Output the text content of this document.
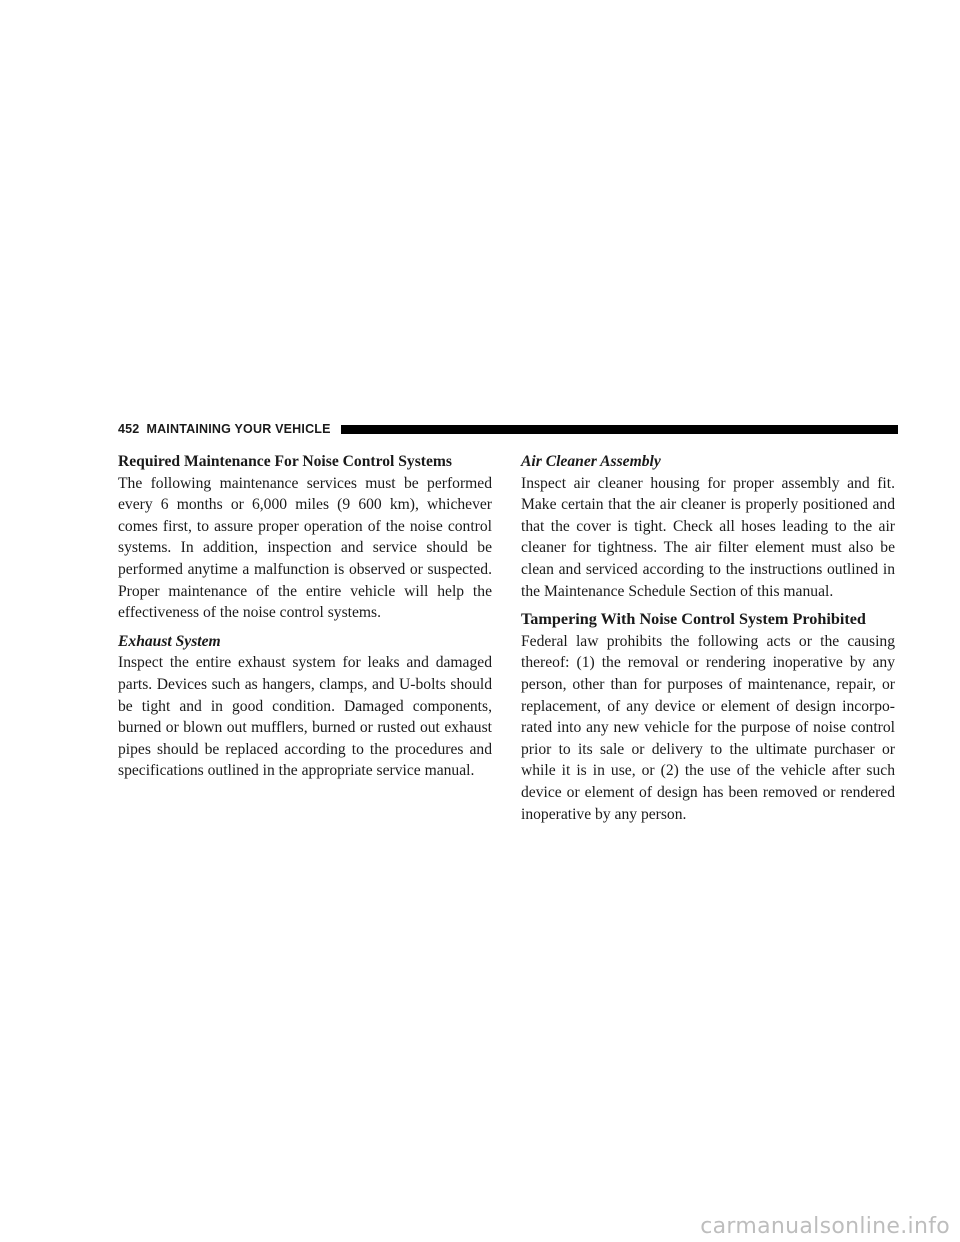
452 MAINTAINING YOUR VEHICLE
Required Maintenance For Noise Control Systems

The following maintenance services must be performed every 6 months or 6,000 miles (9 600 km), whichever comes first, to assure proper operation of the noise control systems. In addition, inspection and service should be performed anytime a malfunction is observed or suspected. Proper maintenance of the entire vehicle will help the effectiveness of the noise control systems.

Exhaust System

Inspect the entire exhaust system for leaks and damaged parts. Devices such as hangers, clamps, and U-bolts should be tight and in good condition. Damaged components, burned or blown out mufflers, burned or rusted out exhaust pipes should be replaced according to the procedures and specifications outlined in the appropriate service manual.

Air Cleaner Assembly

Inspect air cleaner housing for proper assembly and fit. Make certain that the air cleaner is properly positioned and that the cover is tight. Check all hoses leading to the air cleaner for tightness. The air filter element must also be clean and serviced according to the instructions outlined in the Maintenance Schedule Section of this manual.

Tampering With Noise Control System Prohibited

Federal law prohibits the following acts or the causing thereof: (1) the removal or rendering inoperative by any person, other than for purposes of maintenance, repair, or replacement, of any device or element of design incorporated into any new vehicle for the purpose of noise control prior to its sale or delivery to the ultimate purchaser or while it is in use, or (2) the use of the vehicle after such device or element of design has been removed or rendered inoperative by any person.

carmanualsonline.info
